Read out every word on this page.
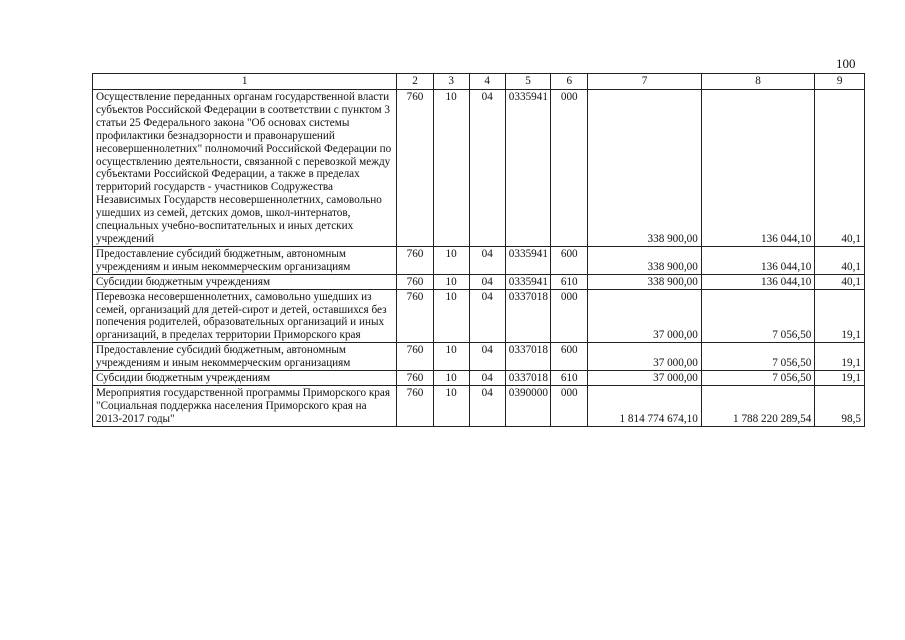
100
1	2	3	4	5	6	7	8	9
Осуществление переданных органам государственной власти субъектов Российской Федерации в соответствии с пунктом 3 статьи 25 Федерального закона "Об основах системы профилактики безнадзорности и правонарушений несовершеннолетних" полномочий Российской Федерации по осуществлению деятельности, связанной с перевозкой между субъектами Российской Федерации, а также в пределах территорий государств - участников Содружества Независимых Государств несовершеннолетних, самовольно ушедших из семей, детских домов, школ-интернатов, специальных учебно-воспитательных и иных детских учреждений	760	10	04	0335941	000	338 900,00	136 044,10	40,1
Предоставление субсидий бюджетным, автономным учреждениям и иным некоммерческим организациям	760	10	04	0335941	600	338 900,00	136 044,10	40,1
Субсидии бюджетным учреждениям	760	10	04	0335941	610	338 900,00	136 044,10	40,1
Перевозка несовершеннолетних, самовольно ушедших из семей, организаций для детей-сирот и детей, оставшихся без попечения родителей, образовательных организаций и иных организаций, в пределах территории Приморского края	760	10	04	0337018	000	37 000,00	7 056,50	19,1
Предоставление субсидий бюджетным, автономным учреждениям и иным некоммерческим организациям	760	10	04	0337018	600	37 000,00	7 056,50	19,1
Субсидии бюджетным учреждениям	760	10	04	0337018	610	37 000,00	7 056,50	19,1
Мероприятия государственной программы Приморского края "Социальная поддержка населения Приморского края на 2013-2017 годы"	760	10	04	0390000	000	1 814 774 674,10	1 788 220 289,54	98,5
